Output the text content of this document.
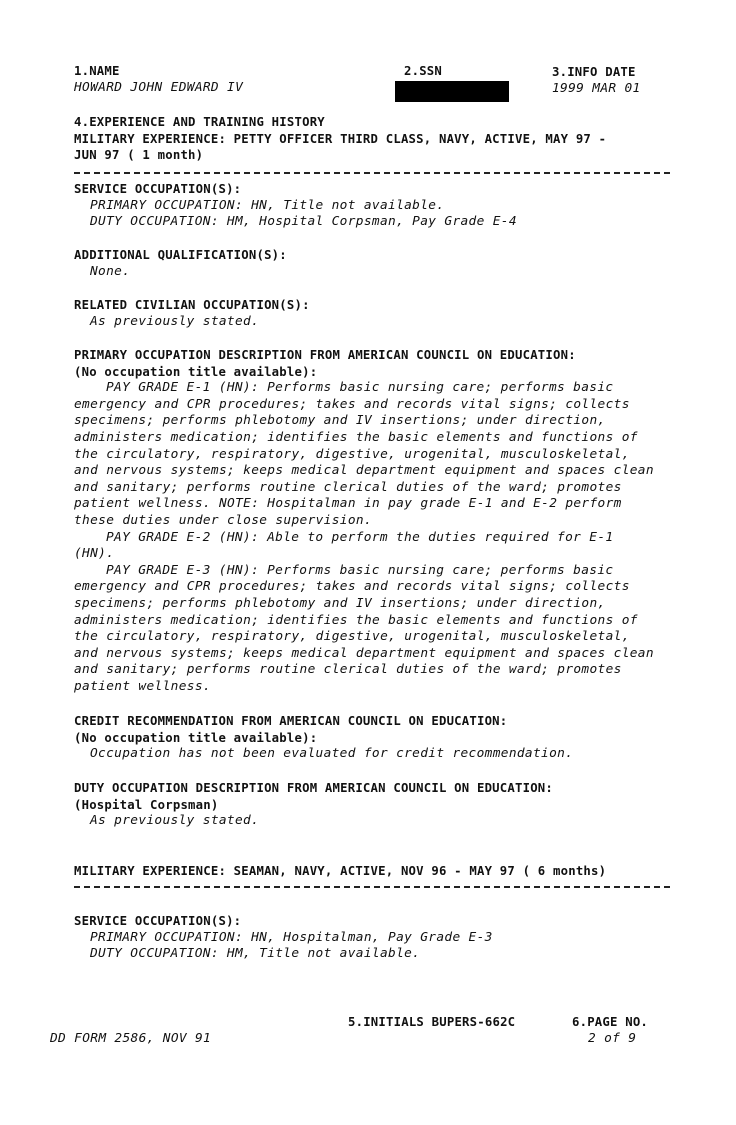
1.NAME
HOWARD JOHN EDWARD IV
2.SSN	3.INFO DATE
1999 MAR 01

4.EXPERIENCE AND TRAINING HISTORY

MILITARY EXPERIENCE: PETTY OFFICER THIRD CLASS, NAVY, ACTIVE, MAY 97 -

JUN 97 ( 1 month)

SERVICE OCCUPATION(S):

PRIMARY OCCUPATION: HN, Title not available.

DUTY OCCUPATION: HM, Hospital Corpsman, Pay Grade E-4

ADDITIONAL QUALIFICATION(S):

None.

RELATED CIVILIAN OCCUPATION(S):

As previously stated.

PRIMARY OCCUPATION DESCRIPTION FROM AMERICAN COUNCIL ON EDUCATION:

(No occupation title available):

PAY GRADE E-1 (HN): Performs basic nursing care; performs basic

emergency and CPR procedures; takes and records vital signs; collects

specimens; performs phlebotomy and IV insertions; under direction,

administers medication; identifies the basic elements and functions of

the circulatory, respiratory, digestive, urogenital, musculoskeletal,

and nervous systems; keeps medical department equipment and spaces clean

and sanitary; performs routine clerical duties of the ward; promotes

patient wellness. NOTE: Hospitalman in pay grade E-1 and E-2 perform

these duties under close supervision.

PAY GRADE E-2 (HN): Able to perform the duties required for E-1

(HN).

PAY GRADE E-3 (HN): Performs basic nursing care; performs basic

emergency and CPR procedures; takes and records vital signs; collects

specimens; performs phlebotomy and IV insertions; under direction,

administers medication; identifies the basic elements and functions of

the circulatory, respiratory, digestive, urogenital, musculoskeletal,

and nervous systems; keeps medical department equipment and spaces clean

and sanitary; performs routine clerical duties of the ward; promotes

patient wellness.

CREDIT RECOMMENDATION FROM AMERICAN COUNCIL ON EDUCATION:

(No occupation title available):

Occupation has not been evaluated for credit recommendation.

DUTY OCCUPATION DESCRIPTION FROM AMERICAN COUNCIL ON EDUCATION:

(Hospital Corpsman)

As previously stated.

MILITARY EXPERIENCE: SEAMAN, NAVY, ACTIVE, NOV 96 - MAY 97 ( 6 months)

SERVICE OCCUPATION(S):

PRIMARY OCCUPATION: HN, Hospitalman, Pay Grade E-3

DUTY OCCUPATION: HM, Title not available.

5.INITIALS BUPERS-662C	6.PAGE NO.
2 of 9
DD FORM 2586, NOV 91
